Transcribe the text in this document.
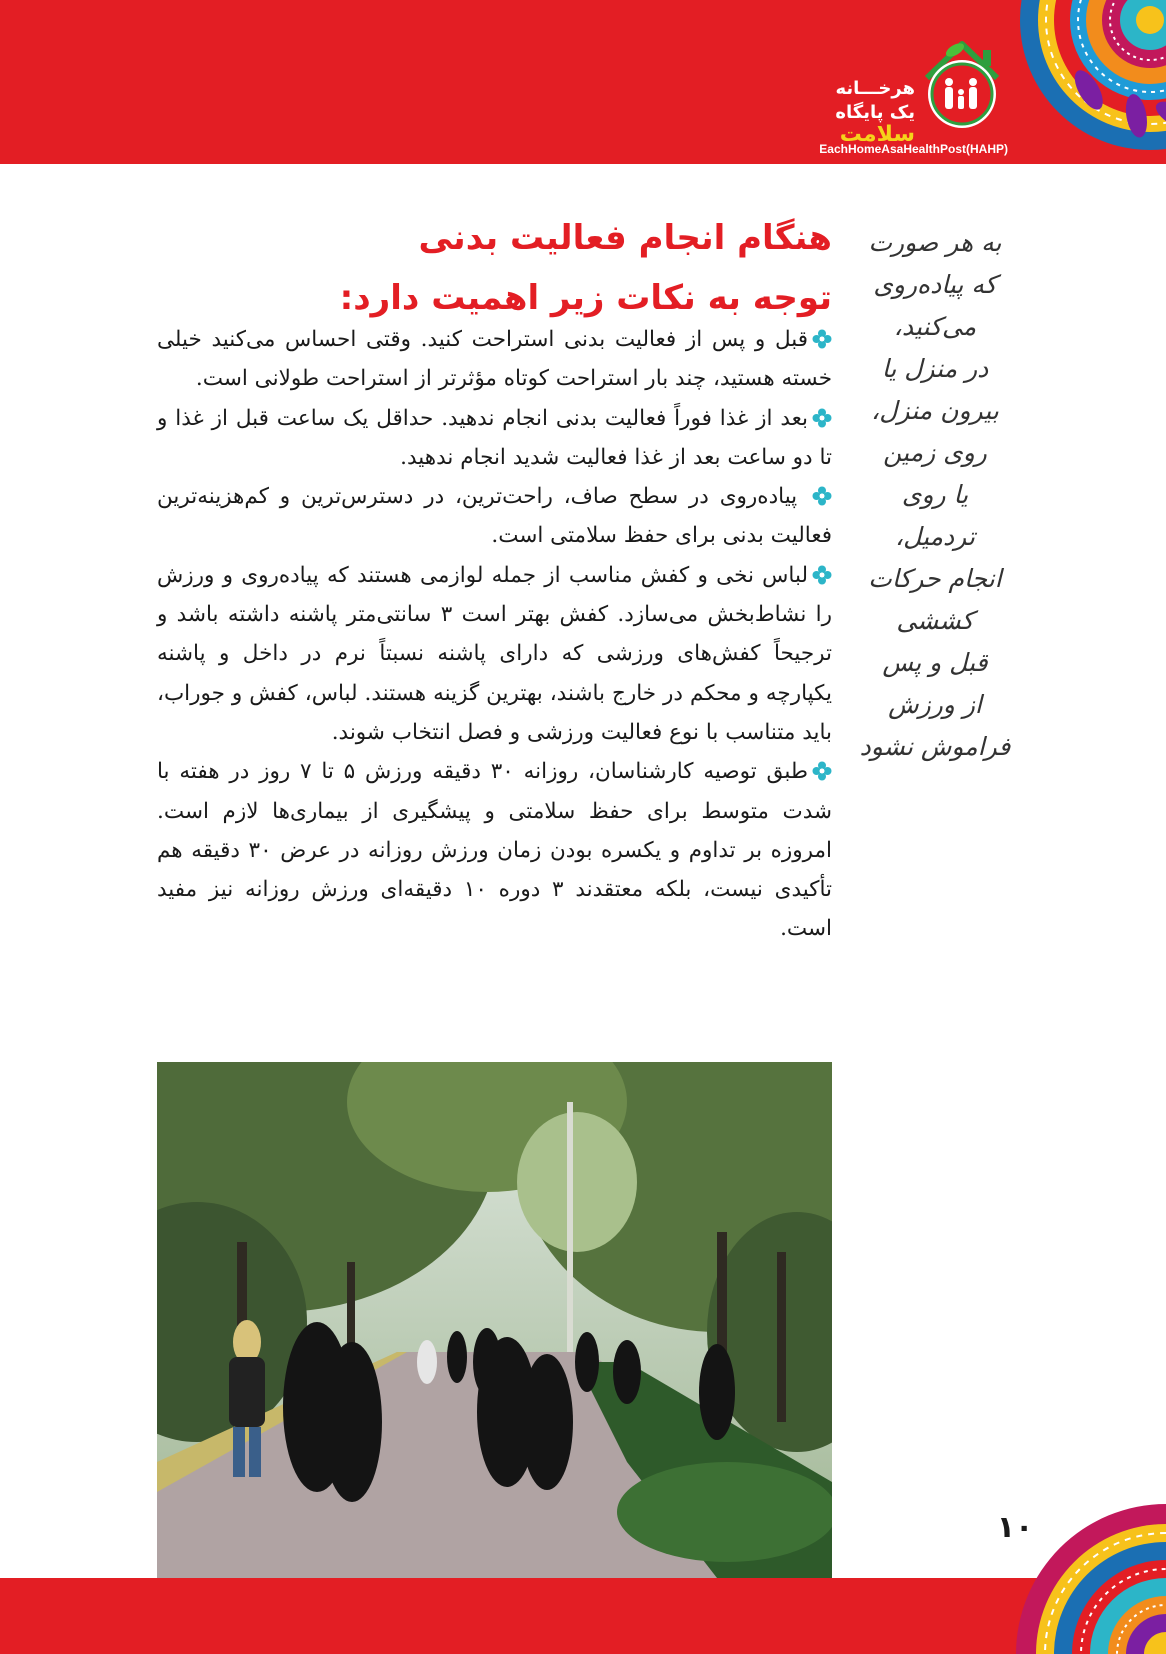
هرخـــانه
یک پایگاه
سلامت
EachHomeAsaHealthPost(HAHP)
هنگام انجام فعالیت بدنی
توجه به نکات زیر اهمیت دارد:

قبل و پس از فعالیت بدنی استراحت کنید. وقتی احساس می‌کنید خیلی خسته هستید، چند بار استراحت کوتاه مؤثرتر از استراحت طولانی است.

بعد از غذا فوراً فعالیت بدنی انجام ندهید. حداقل یک ساعت قبل از غذا و تا دو ساعت بعد از غذا فعالیت شدید انجام ندهید.

پیاده‌روی در سطح صاف، راحت‌ترین، در دسترس‌ترین و کم‌هزینه‌ترین فعالیت بدنی برای حفظ سلامتی است.

لباس نخی و کفش مناسب از جمله لوازمی هستند که پیاده‌روی و ورزش را نشاط‌بخش می‌سازد. کفش بهتر است ۳ سانتی‌متر پاشنه داشته باشد و ترجیحاً کفش‌های ورزشی که دارای پاشنه نسبتاً نرم در داخل و پاشنه یکپارچه و محکم در خارج باشند، بهترین گزینه هستند. لباس، کفش و جوراب، باید متناسب با نوع فعالیت ورزشی و فصل انتخاب شوند.

طبق توصیه کارشناسان، روزانه ۳۰ دقیقه ورزش ۵ تا ۷ روز در هفته با شدت متوسط برای حفظ سلامتی و پیشگیری از بیماری‌ها لازم است. امروزه بر تداوم و یکسره بودن زمان ورزش روزانه در عرض ۳۰ دقیقه هم تأکیدی نیست، بلکه معتقدند ۳ دوره ۱۰ دقیقه‌ای ورزش روزانه نیز مفید است.

به هر صورت
که پیاده‌روی
می‌کنید،
در منزل یا
بیرون منزل،
روی زمین
یا روی
تردمیل،
انجام حرکات
کششی
قبل و پس
از ورزش
فراموش نشود
۱۰
